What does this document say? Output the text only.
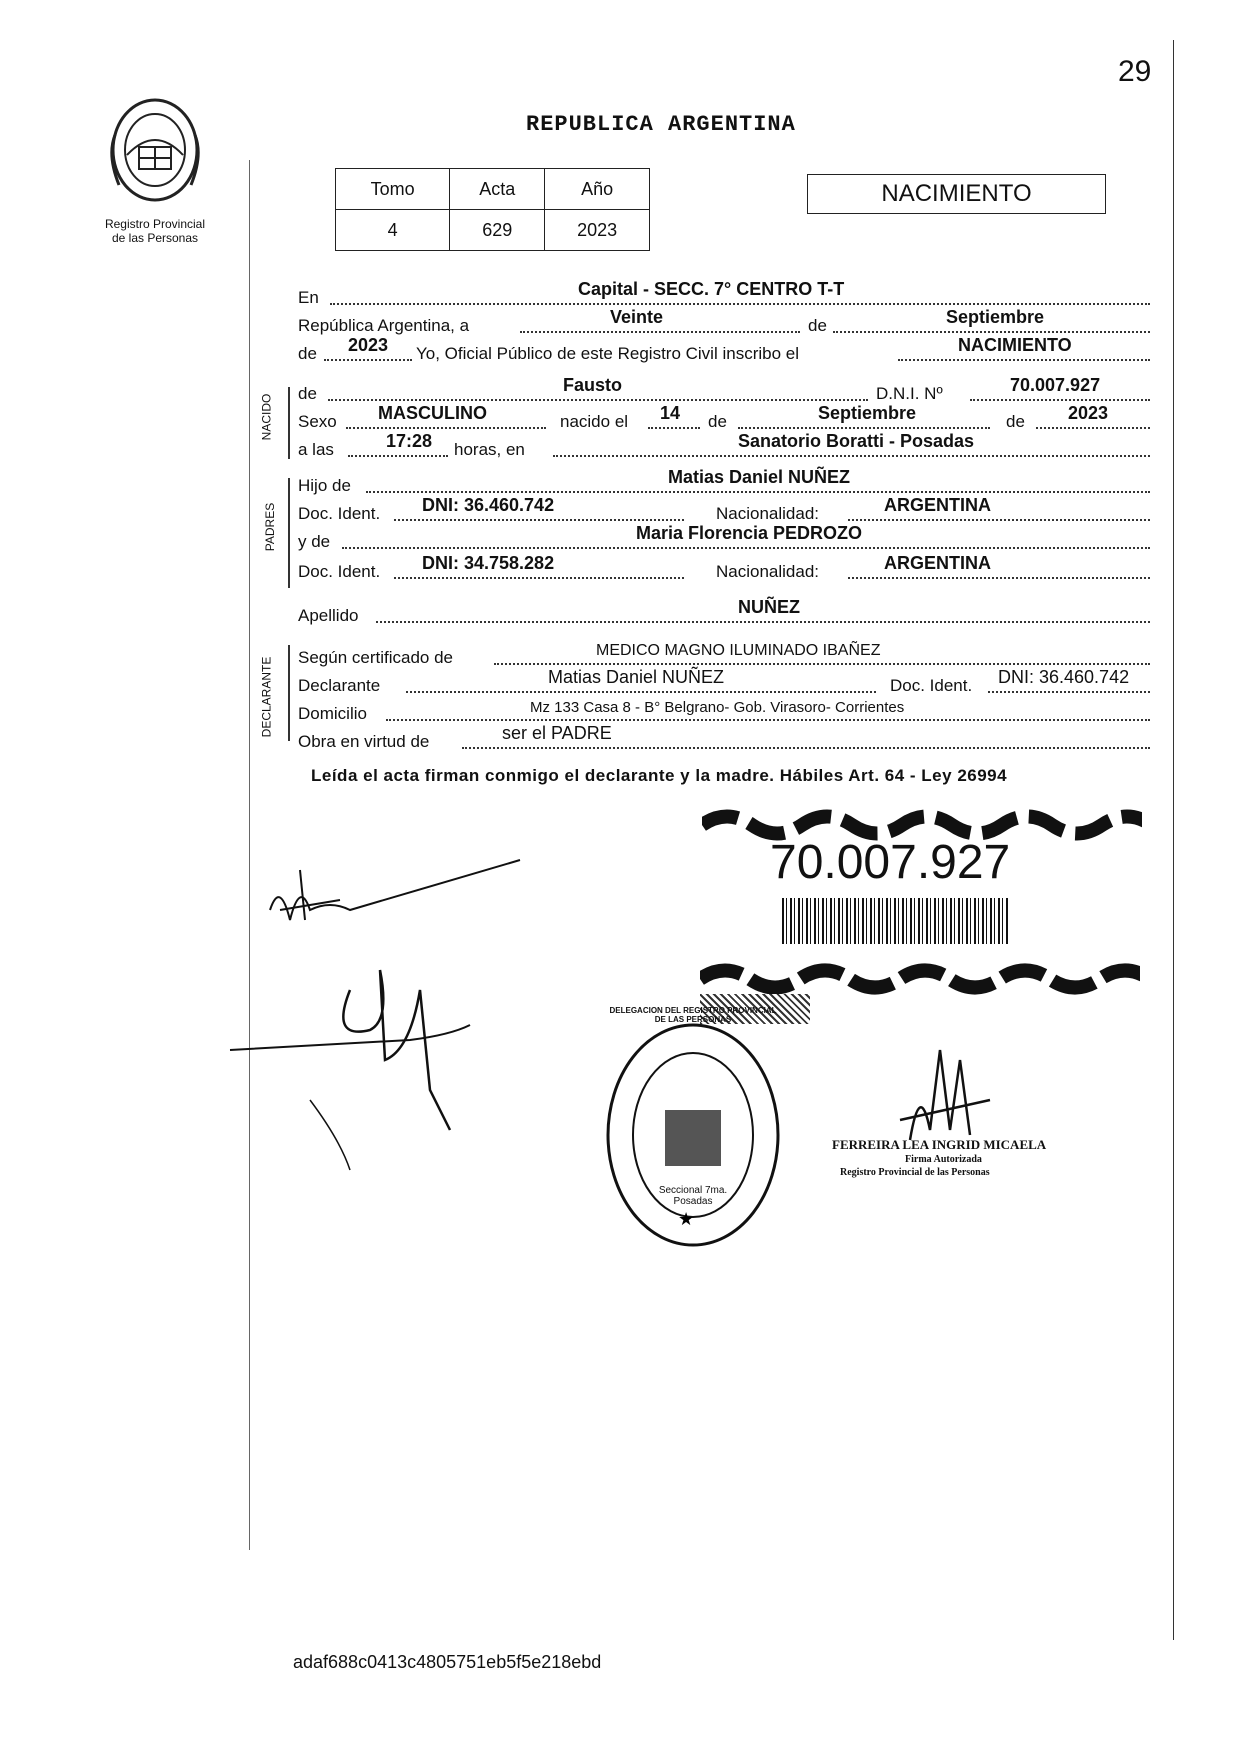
29
Registro Provincial
de las Personas
REPUBLICA ARGENTINA
Tomo	Acta	Año
4	629	2023
NACIMIENTO
NACIDO
PADRES
DECLARANTE
En	Capital - SECC. 7° CENTRO T-T
República Argentina, a	Veinte	de	Septiembre
de 2023 Yo, Oficial Público de este Registro Civil inscribo el	NACIMIENTO
de	Fausto	D.N.I. Nº	70.007.927
Sexo MASCULINO	nacido el 14 de	Septiembre	de 2023
a las	17:28 horas, en	Sanatorio Boratti - Posadas
Hijo de	Matias Daniel NUÑEZ
Doc. Ident. DNI: 36.460.742	Nacionalidad:	ARGENTINA
y de	Maria Florencia PEDROZO
Doc. Ident. DNI: 34.758.282	Nacionalidad:	ARGENTINA
Apellido	NUÑEZ
Según certificado de	MEDICO MAGNO ILUMINADO IBAÑEZ
Declarante	Matias Daniel NUÑEZ	Doc. Ident. DNI: 36.460.742
Domicilio	Mz 133 Casa 8 - B° Belgrano- Gob. Virasoro- Corrientes
Obra en virtud de	ser el PADRE
Leída el acta firman conmigo el declarante y la madre. Hábiles Art. 64 - Ley 26994
70.007.927
★
DELEGACION DEL REGISTRO PROVINCIAL DE LAS PERSONAS
Seccional 7ma. Posadas
FERREIRA LEA INGRID MICAELA
Firma Autorizada
Registro Provincial de las Personas
adaf688c0413c4805751eb5f5e218ebd
